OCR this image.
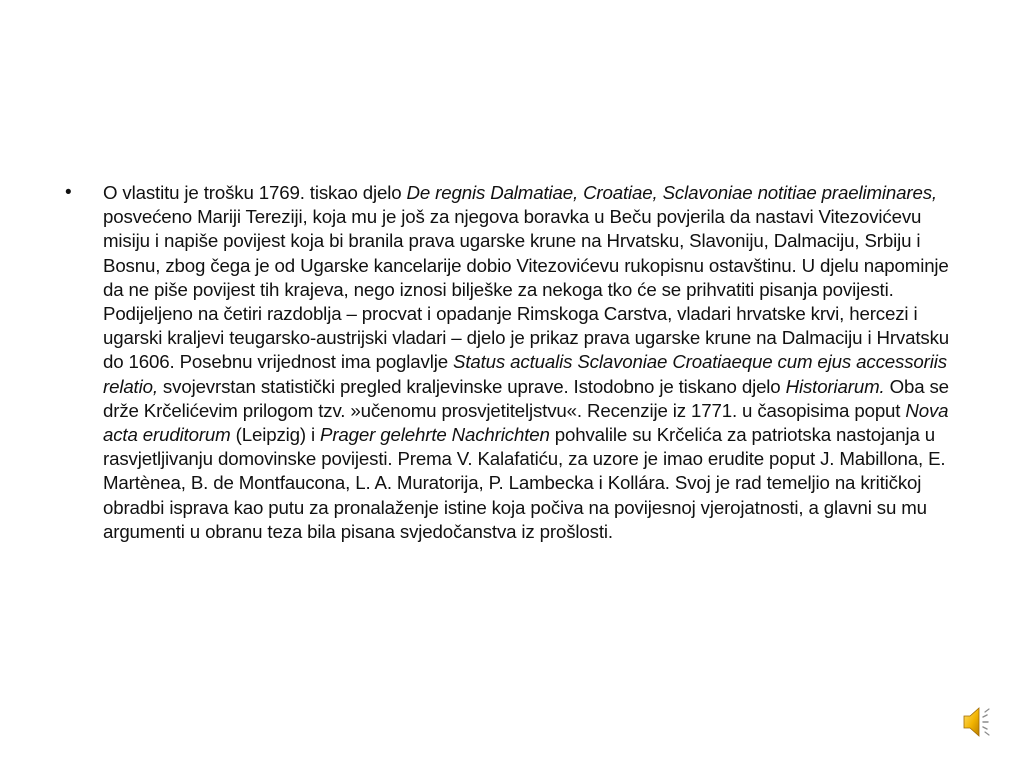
•	O vlastitu je trošku 1769. tiskao djelo De regnis Dalmatiae, Croatiae, Sclavoniae notitiae praeliminares, posvećeno Mariji Tereziji, koja mu je još za njegova boravka u Beču povjerila da nastavi Vitezovićevu misiju i napiše povijest koja bi branila prava ugarske krune na Hrvatsku, Slavoniju, Dalmaciju, Srbiju i Bosnu, zbog čega je od Ugarske kancelarije dobio Vitezovićevu rukopisnu ostavštinu. U djelu napominje da ne piše povijest tih krajeva, nego iznosi bilješke za nekoga tko će se prihvatiti pisanja povijesti. Podijeljeno na četiri razdoblja – procvat i opadanje Rimskoga Carstva, vladari hrvatske krvi, hercezi i ugarski kraljevi teugarsko-austrijski vladari – djelo je prikaz prava ugarske krune na Dalmaciju i Hrvatsku do 1606. Posebnu vrijednost ima poglavlje Status actualis Sclavoniae Croatiaeque cum ejus accessoriis relatio, svojevrstan statistički pregled kraljevinske uprave. Istodobno je tiskano djelo Historiarum. Oba se drže Krčelićevim prilogom tzv. »učenomu prosvjetiteljstvu«. Recenzije iz 1771. u časopisima poput Nova acta eruditorum (Leipzig) i Prager gelehrte Nachrichten pohvalile su Krčelića za patriotska nastojanja u rasvjetljivanju domovinske povijesti. Prema V. Kalafatiću, za uzore je imao erudite poput J. Mabillona, E. Martènea, B. de Montfaucona, L. A. Muratorija, P. Lambecka i Kollára. Svoj je rad temeljio na kritičkoj obradbi isprava kao putu za pronalaženje istine koja počiva na povijesnoj vjerojatnosti, a glavni su mu argumenti u obranu teza bila pisana svjedočanstva iz prošlosti.
